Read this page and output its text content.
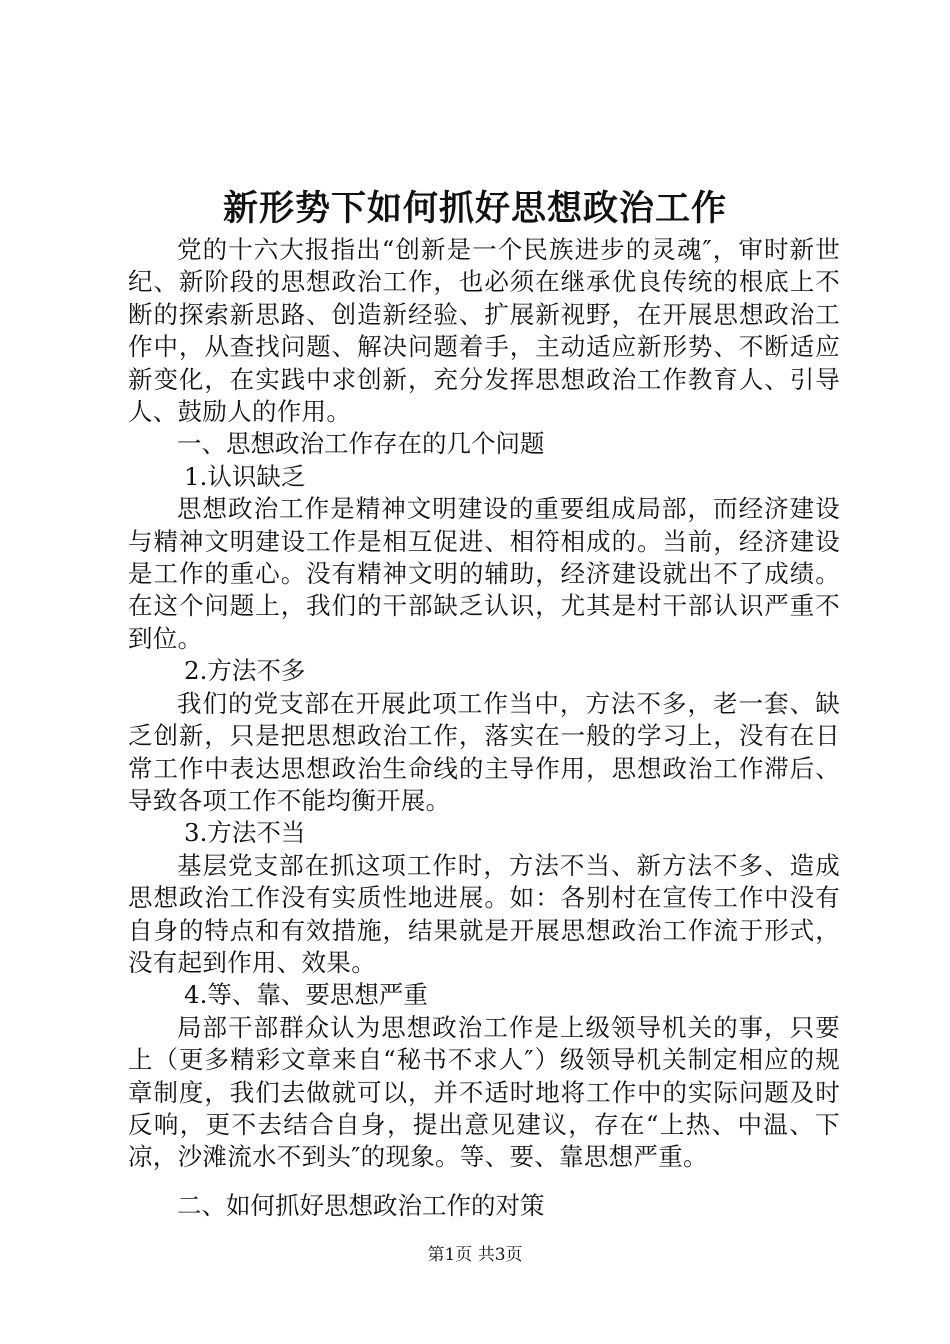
新形势下如何抓好思想政治工作

党的十六大报指出“创新是一个民族进步的灵魂″，审时新世纪、新阶段的思想政治工作，也必须在继承优良传统的根底上不断的探索新思路、创造新经验、扩展新视野，在开展思想政治工作中，从查找问题、解决问题着手，主动适应新形势、不断适应新变化，在实践中求创新，充分发挥思想政治工作教育人、引导人、鼓励人的作用。

一、思想政治工作存在的几个问题

1.认识缺乏

思想政治工作是精神文明建设的重要组成局部，而经济建设与精神文明建设工作是相互促进、相符相成的。当前，经济建设是工作的重心。没有精神文明的辅助，经济建设就出不了成绩。在这个问题上，我们的干部缺乏认识，尤其是村干部认识严重不到位。

2.方法不多

我们的党支部在开展此项工作当中，方法不多，老一套、缺乏创新，只是把思想政治工作，落实在一般的学习上，没有在日常工作中表达思想政治生命线的主导作用，思想政治工作滞后、导致各项工作不能均衡开展。

3.方法不当

基层党支部在抓这项工作时，方法不当、新方法不多、造成思想政治工作没有实质性地进展。如：各别村在宣传工作中没有自身的特点和有效措施，结果就是开展思想政治工作流于形式，没有起到作用、效果。

4.等、靠、要思想严重

局部干部群众认为思想政治工作是上级领导机关的事，只要上（更多精彩文章来自“秘书不求人″）级领导机关制定相应的规章制度，我们去做就可以，并不适时地将工作中的实际问题及时反响，更不去结合自身，提出意见建议，存在“上热、中温、下凉，沙滩流水不到头″的现象。等、要、靠思想严重。

二、如何抓好思想政治工作的对策

第1页 共3页
